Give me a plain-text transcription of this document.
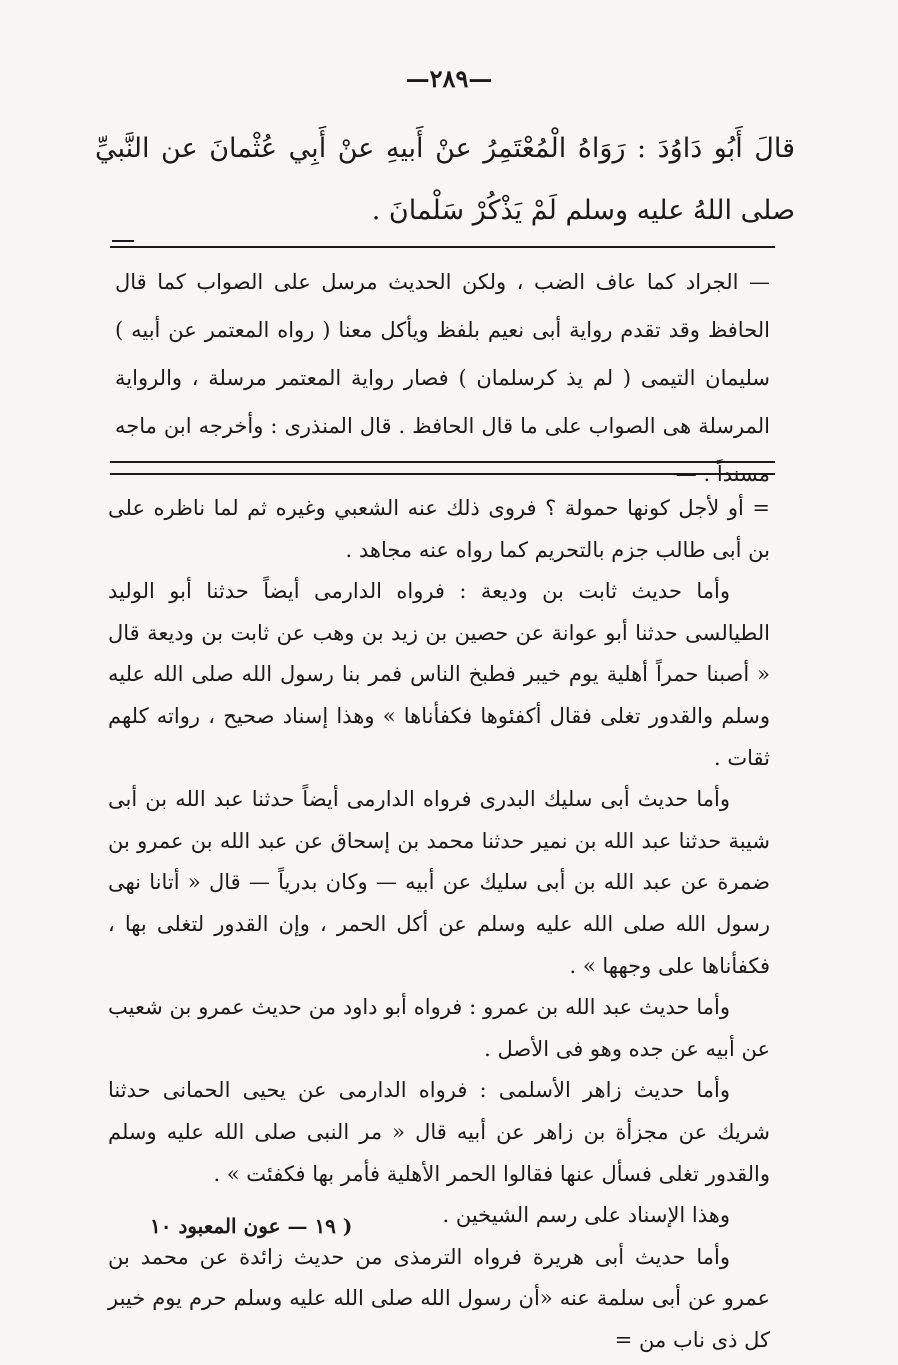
—٢٨٩—

قالَ أَبُو دَاوُدَ : رَوَاهُ الْمُعْتَمِرُ عنْ أَبيهِ عنْ أَبِي عُثْمانَ عن النَّبيِّ صلى اللهُ عليه وسلم لَمْ يَذْكُرْ سَلْمانَ .

— الجراد كما عاف الضب ، ولكن الحديث مرسل على الصواب كما قال الحافظ وقد تقدم رواية أبى نعيم بلفظ ويأكل معنا ( رواه المعتمر عن أبيه ) سليمان التيمى ( لم يذ كرسلمان ) فصار رواية المعتمر مرسلة ، والرواية المرسلة هى الصواب على ما قال الحافظ . قال المنذرى : وأخرجه ابن ماجه مسنداً . —

= أو لأجل كونها حمولة ؟ فروى ذلك عنه الشعبي وغيره ثم لما ناظره على بن أبى طالب جزم بالتحريم كما رواه عنه مجاهد .

وأما حديث ثابت بن وديعة : فرواه الدارمى أيضاً حدثنا أبو الوليد الطيالسى حدثنا أبو عوانة عن حصين بن زيد بن وهب عن ثابت بن وديعة قال « أصبنا حمراً أهلية يوم خيبر فطبخ الناس فمر بنا رسول الله صلى الله عليه وسلم والقدور تغلى فقال أكفئوها فكفأناها » وهذا إسناد صحيح ، رواته كلهم ثقات .

وأما حديث أبى سليك البدرى فرواه الدارمى أيضاً حدثنا عبد الله بن أبى شيبة حدثنا عبد الله بن نمير حدثنا محمد بن إسحاق عن عبد الله بن عمرو بن ضمرة عن عبد الله بن أبى سليك عن أبيه — وكان بدرياً — قال « أتانا نهى رسول الله صلى الله عليه وسلم عن أكل الحمر ، وإن القدور لتغلى بها ، فكفأناها على وجهها » .

وأما حديث عبد الله بن عمرو : فرواه أبو داود من حديث عمرو بن شعيب عن أبيه عن جده وهو فى الأصل .

وأما حديث زاهر الأسلمى : فرواه الدارمى عن يحيى الحمانى حدثنا شريك عن مجزأة بن زاهر عن أبيه قال « مر النبى صلى الله عليه وسلم والقدور تغلى فسأل عنها فقالوا الحمر الأهلية فأمر بها فكفئت » .

وهذا الإسناد على رسم الشيخين .

وأما حديث أبى هريرة فرواه الترمذى من حديث زائدة عن محمد بن عمرو عن أبى سلمة عنه «أن رسول الله صلى الله عليه وسلم حرم يوم خيبر كل ذى ناب من =

( ١٩ — عون المعبود ١٠
